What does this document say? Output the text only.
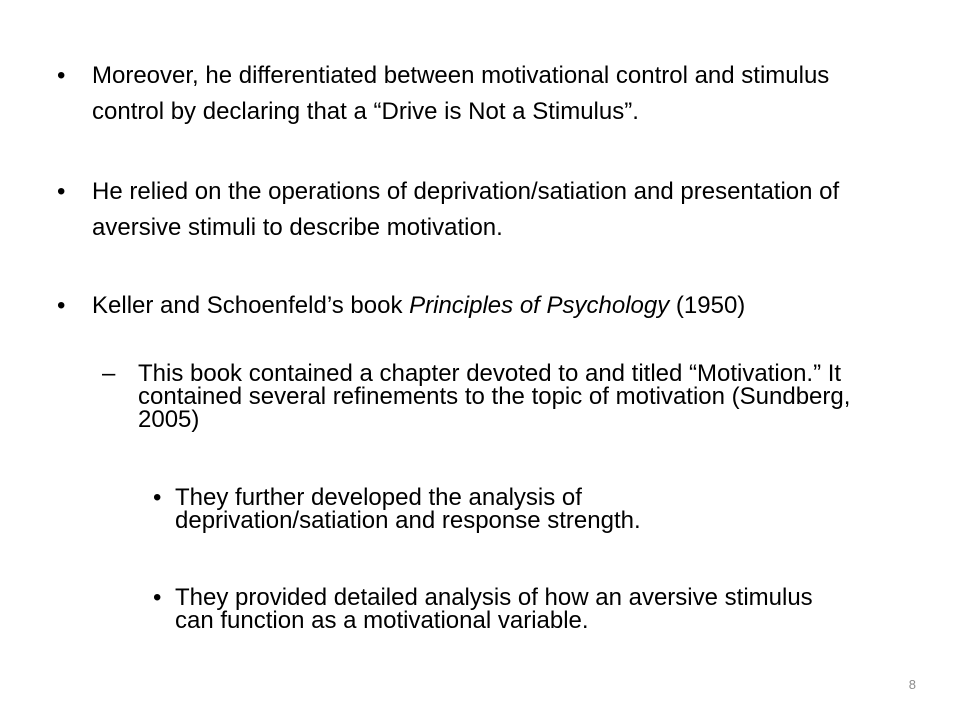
• Moreover, he differentiated between motivational control and stimulus control by declaring that a “Drive is Not a Stimulus”.
• He relied on the operations of deprivation/satiation and presentation of aversive stimuli to describe motivation.
• Keller and Schoenfeld’s book Principles of Psychology (1950)
– This book contained a chapter devoted to and titled “Motivation.” It contained several refinements to the topic of motivation (Sundberg, 2005)
• They further developed the analysis of deprivation/satiation and response strength.
• They provided detailed analysis of how an aversive stimulus can function as a motivational variable.
8
